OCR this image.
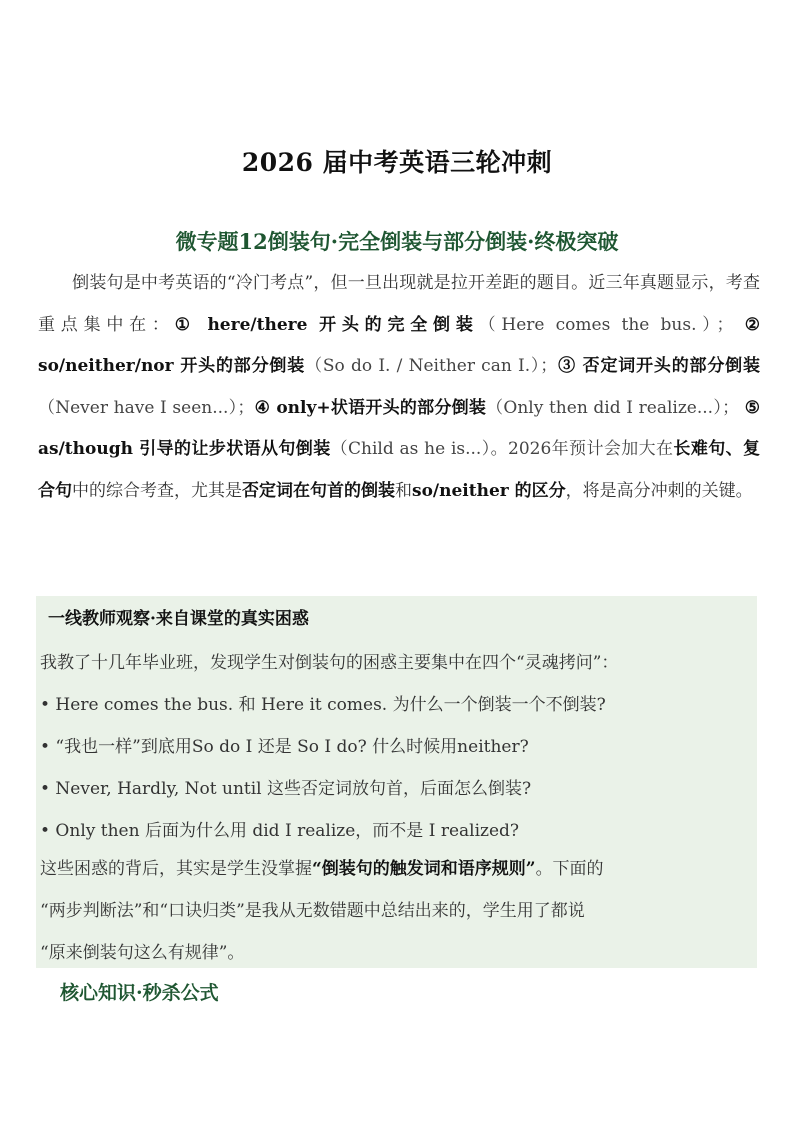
2026 届中考英语三轮冲刺
微专题12倒装句·完全倒装与部分倒装·终极突破
倒装句是中考英语的“冷门考点”，但一旦出现就是拉开差距的题目。近三年真题显示，考查重点集中在：① here/there 开头的完全倒装（Here comes the bus.）； ② so/neither/nor 开头的部分倒装（So do I. / Neither can I.）；③ 否定词开头的部分倒装（Never have I seen...）；④ only+状语开头的部分倒装（Only then did I realize...）； ⑤ as/though 引导的让步状语从句倒装（Child as he is...）。2026年预计会加大在长难句、复合句中的综合考查，尤其是否定词在句首的倒装和so/neither 的区分，将是高分冲刺的关键。
一线教师观察·来自课堂的真实困惑
我教了十几年毕业班，发现学生对倒装句的困惑主要集中在四个“灵魂拷问”：
• Here comes the bus. 和 Here it comes. 为什么一个倒装一个不倒装?
• “我也一样”到底用So do I 还是 So I do? 什么时候用neither?
• Never, Hardly, Not until 这些否定词放句首，后面怎么倒装?
• Only then 后面为什么用 did I realize，而不是 I realized?
这些困惑的背后，其实是学生没掌握“倒装句的触发词和语序规则”。下面的
“两步判断法”和“口诀归类”是我从无数错题中总结出来的，学生用了都说
“原来倒装句这么有规律”。
核心知识·秒杀公式
